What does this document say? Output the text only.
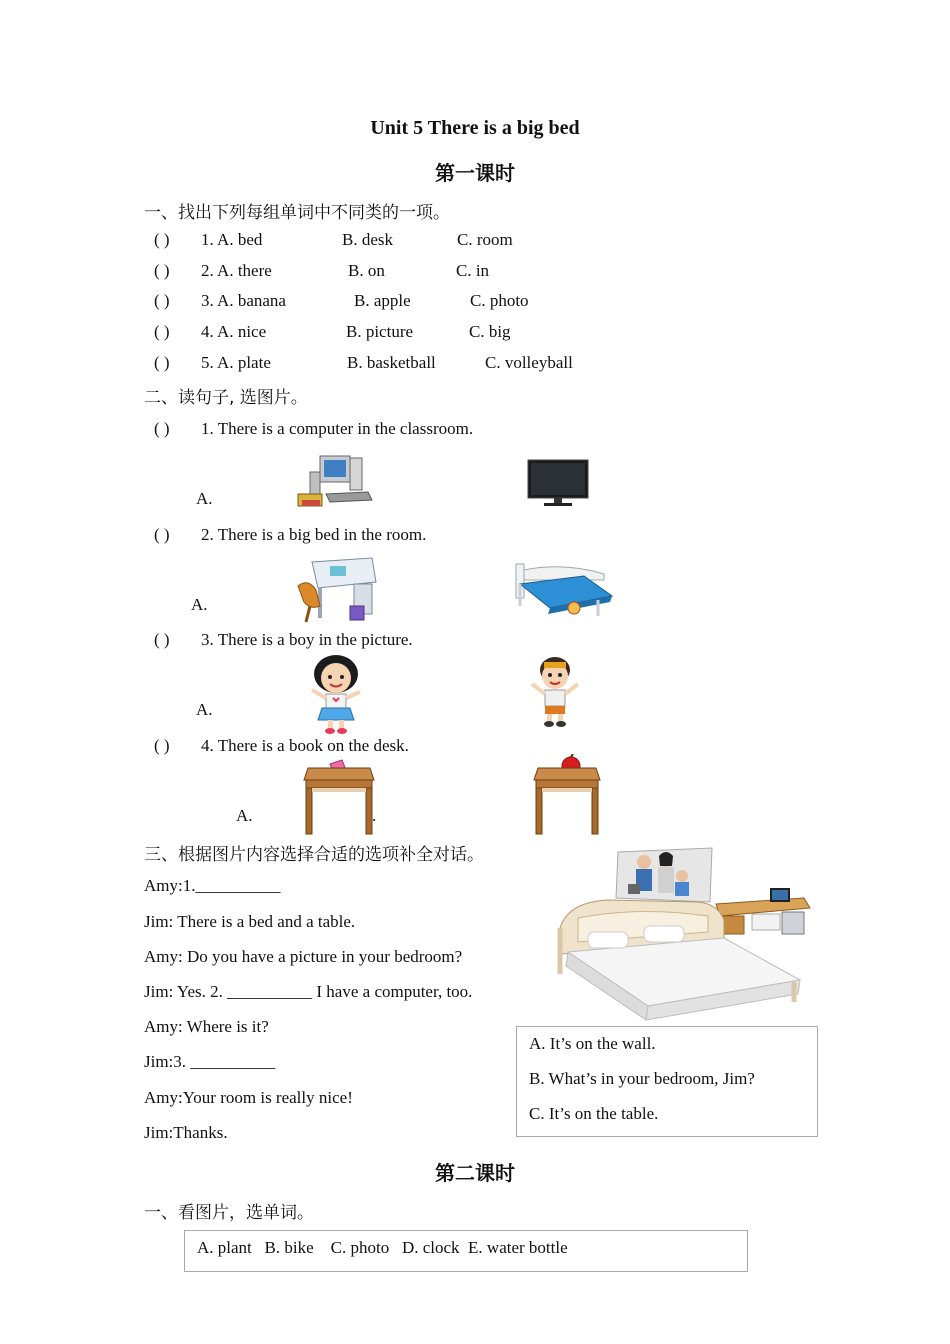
Unit 5 There is a big bed
第一课时
一、找出下列每组单词中不同类的一项。
( ) 1. A. bed	B. desk	C. room
( ) 2. A. there	B. on	C. in
( ) 3. A. banana	B. apple	C. photo
( ) 4. A. nice	B. picture	C. big
( ) 5. A. plate	B. basketball	C. volleyball
二、读句子, 选图片。
( ) 1. There is a computer in the classroom.
A.
( ) 2. There is a big bed in the room.
A.
( ) 3. There is a boy in the picture.
A.
( ) 4. There is a book on the desk.
A.	.
三、根据图片内容选择合适的选项补全对话。
Amy:1.__________
Jim: There is a bed and a table.
Amy: Do you have a picture in your bedroom?
Jim: Yes. 2. __________ I have a computer, too.
Amy: Where is it?
Jim:3. __________
Amy:Your room is really nice!
Jim:Thanks.
A. It’s on the wall.
B. What’s in your bedroom, Jim?
C. It’s on the table.
第二课时
一、看图片，选单词。
A. plant   B. bike    C. photo   D. clock  E. water bottle
